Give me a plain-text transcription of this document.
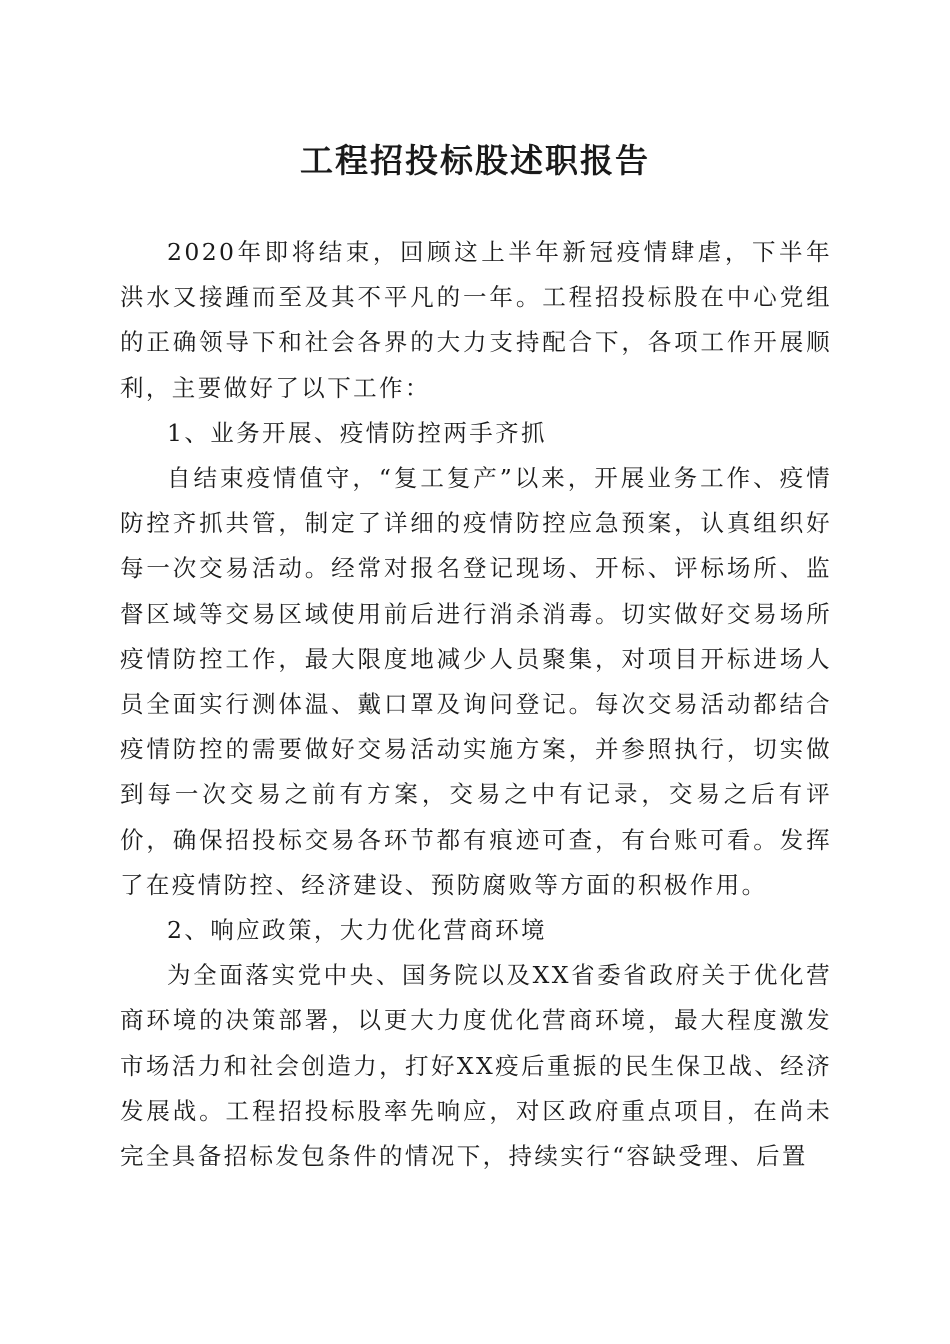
工程招投标股述职报告

2020年即将结束，回顾这上半年新冠疫情肆虐，下半年洪水又接踵而至及其不平凡的一年。工程招投标股在中心党组的正确领导下和社会各界的大力支持配合下，各项工作开展顺利，主要做好了以下工作：

1、业务开展、疫情防控两手齐抓

自结束疫情值守，“复工复产”以来，开展业务工作、疫情防控齐抓共管，制定了详细的疫情防控应急预案，认真组织好每一次交易活动。经常对报名登记现场、开标、评标场所、监督区域等交易区域使用前后进行消杀消毒。切实做好交易场所疫情防控工作，最大限度地减少人员聚集，对项目开标进场人员全面实行测体温、戴口罩及询问登记。每次交易活动都结合疫情防控的需要做好交易活动实施方案，并参照执行，切实做到每一次交易之前有方案，交易之中有记录，交易之后有评价，确保招投标交易各环节都有痕迹可查，有台账可看。发挥了在疫情防控、经济建设、预防腐败等方面的积极作用。

2、响应政策，大力优化营商环境

为全面落实党中央、国务院以及XX省委省政府关于优化营商环境的决策部署，以更大力度优化营商环境，最大程度激发市场活力和社会创造力，打好XX疫后重振的民生保卫战、经济发展战。工程招投标股率先响应，对区政府重点项目，在尚未完全具备招标发包条件的情况下，持续实行“容缺受理、后置
